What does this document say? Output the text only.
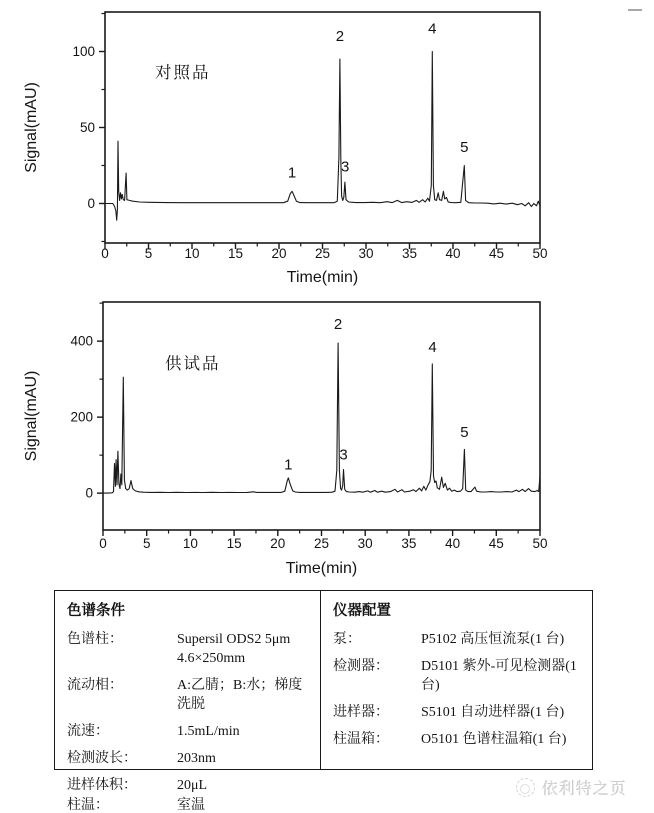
0	5 10 15 20 25 30 35 40 45 50
0
50
100
Time(min)
Signal(mAU)
对照品
1
2
3
4
5
0	5 10 15 20 25 30 35 40 45 50
0
200
400
Time(min)
Signal(mAU)
供试品
1
2
3
4
5
色谱条件
色谱柱：	Supersil ODS2 5μm 4.6×250mm
流动相：	A:乙腈；B:水；梯度洗脱
流速：	1.5mL/min
检测波长：	203nm
进样体积：	20μL
柱温：	室温
仪器配置
泵：	P5102 高压恒流泵(1 台)
检测器：	D5101 紫外-可见检测器(1 台)
进样器：	S5101 自动进样器(1 台)
柱温箱：	O5101 色谱柱温箱(1 台)
依利特之页
